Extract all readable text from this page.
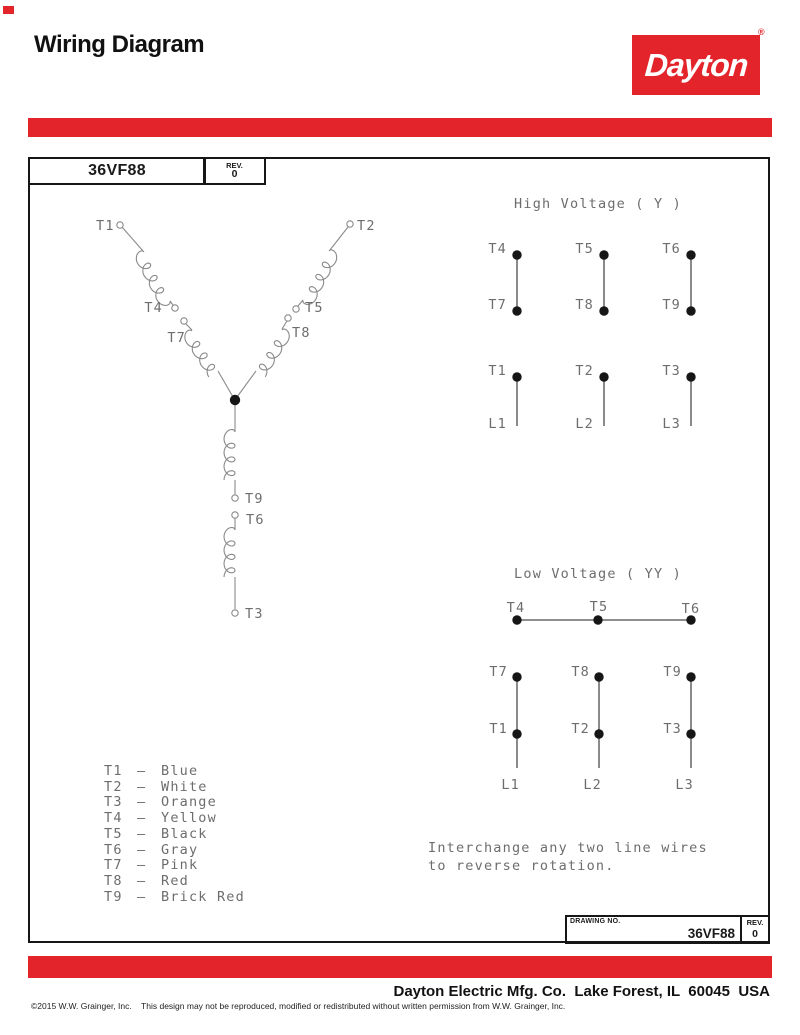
Wiring Diagram
Dayton
®
36VF88	REV.
0
T1	T2
T4	T5
T7	T8
T9
T6
T3
High Voltage ( Y )
T4
T7
T5
T8
T6
T9
T1
L1
T2
L2
T3
L3
Low Voltage ( YY )
T4	T5	T6
T7
T1
L1
T8
T2
L2
T9
T3
L3
T1 — Blue
T2 — White
T3 — Orange
T4 — Yellow
T5 — Black
T6 — Gray
T7 — Pink
T8 — Red
T9 — Brick Red
Interchange any two line wires
to reverse rotation.
DRAWING NO.
36VF88
REV.
0
Dayton Electric Mfg. Co.  Lake Forest, IL  60045  USA
©2015 W.W. Grainger, Inc.    This design may not be reproduced, modified or redistributed without written permission from W.W. Grainger, Inc.
